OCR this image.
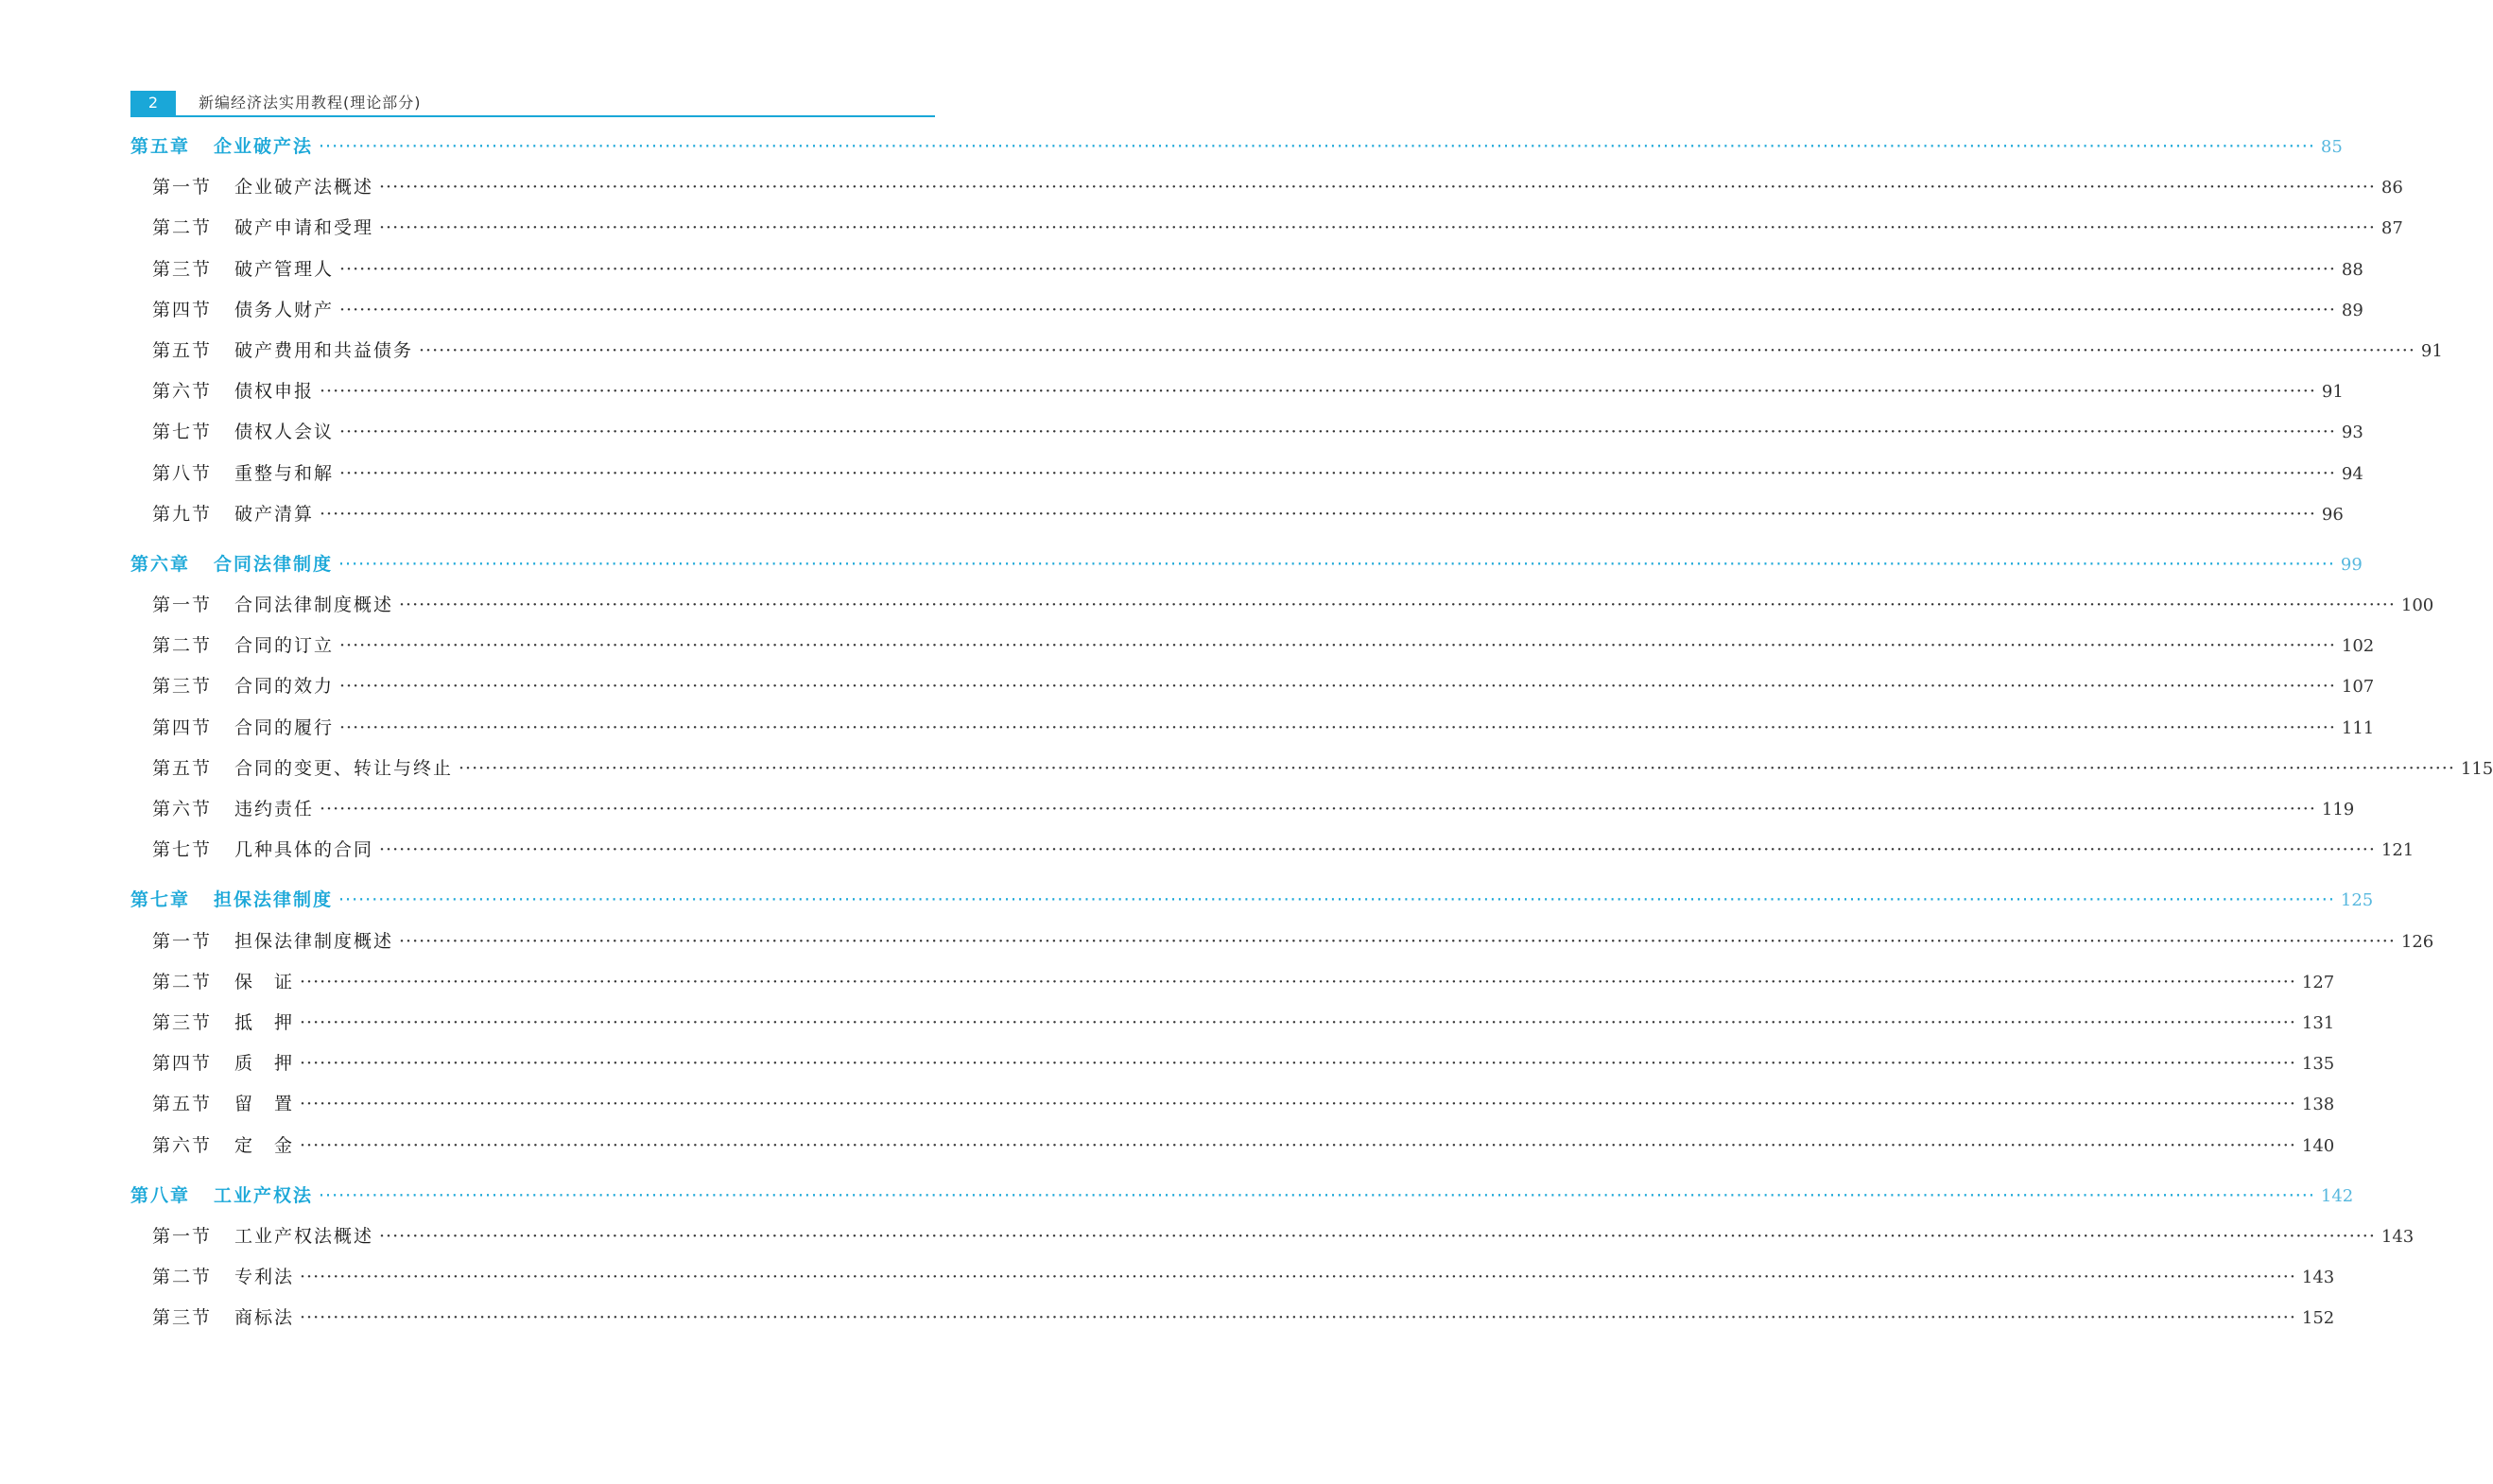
2	新编经济法实用教程(理论部分)
第五章 企业破产法 ············································································································································································································································································································ 85
第一节 企业破产法概述 ············································································································································································································································································································ 86
第二节 破产申请和受理 ············································································································································································································································································································ 87
第三节 破产管理人 ············································································································································································································································································································ 88
第四节 债务人财产 ············································································································································································································································································································ 89
第五节 破产费用和共益债务 ············································································································································································································································································································ 91
第六节 债权申报 ············································································································································································································································································································ 91
第七节 债权人会议 ············································································································································································································································································································ 93
第八节 重整与和解 ············································································································································································································································································································ 94
第九节 破产清算 ············································································································································································································································································································ 96
第六章 合同法律制度 ············································································································································································································································································································ 99
第一节 合同法律制度概述 ············································································································································································································································································································ 100
第二节 合同的订立 ············································································································································································································································································································ 102
第三节 合同的效力 ············································································································································································································································································································ 107
第四节 合同的履行 ············································································································································································································································································································ 111
第五节 合同的变更、转让与终止 ············································································································································································································································································································ 115
第六节 违约责任 ············································································································································································································································································································ 119
第七节 几种具体的合同 ············································································································································································································································································································ 121
第七章 担保法律制度 ············································································································································································································································································································ 125
第一节 担保法律制度概述 ············································································································································································································································································································ 126
第二节 保　证 ············································································································································································································································································································ 127
第三节 抵　押 ············································································································································································································································································································ 131
第四节 质　押 ············································································································································································································································································································ 135
第五节 留　置 ············································································································································································································································································································ 138
第六节 定　金 ············································································································································································································································································································ 140
第八章 工业产权法 ············································································································································································································································································································ 142
第一节 工业产权法概述 ············································································································································································································································································································ 143
第二节 专利法 ············································································································································································································································································································ 143
第三节 商标法 ············································································································································································································································································································ 152
